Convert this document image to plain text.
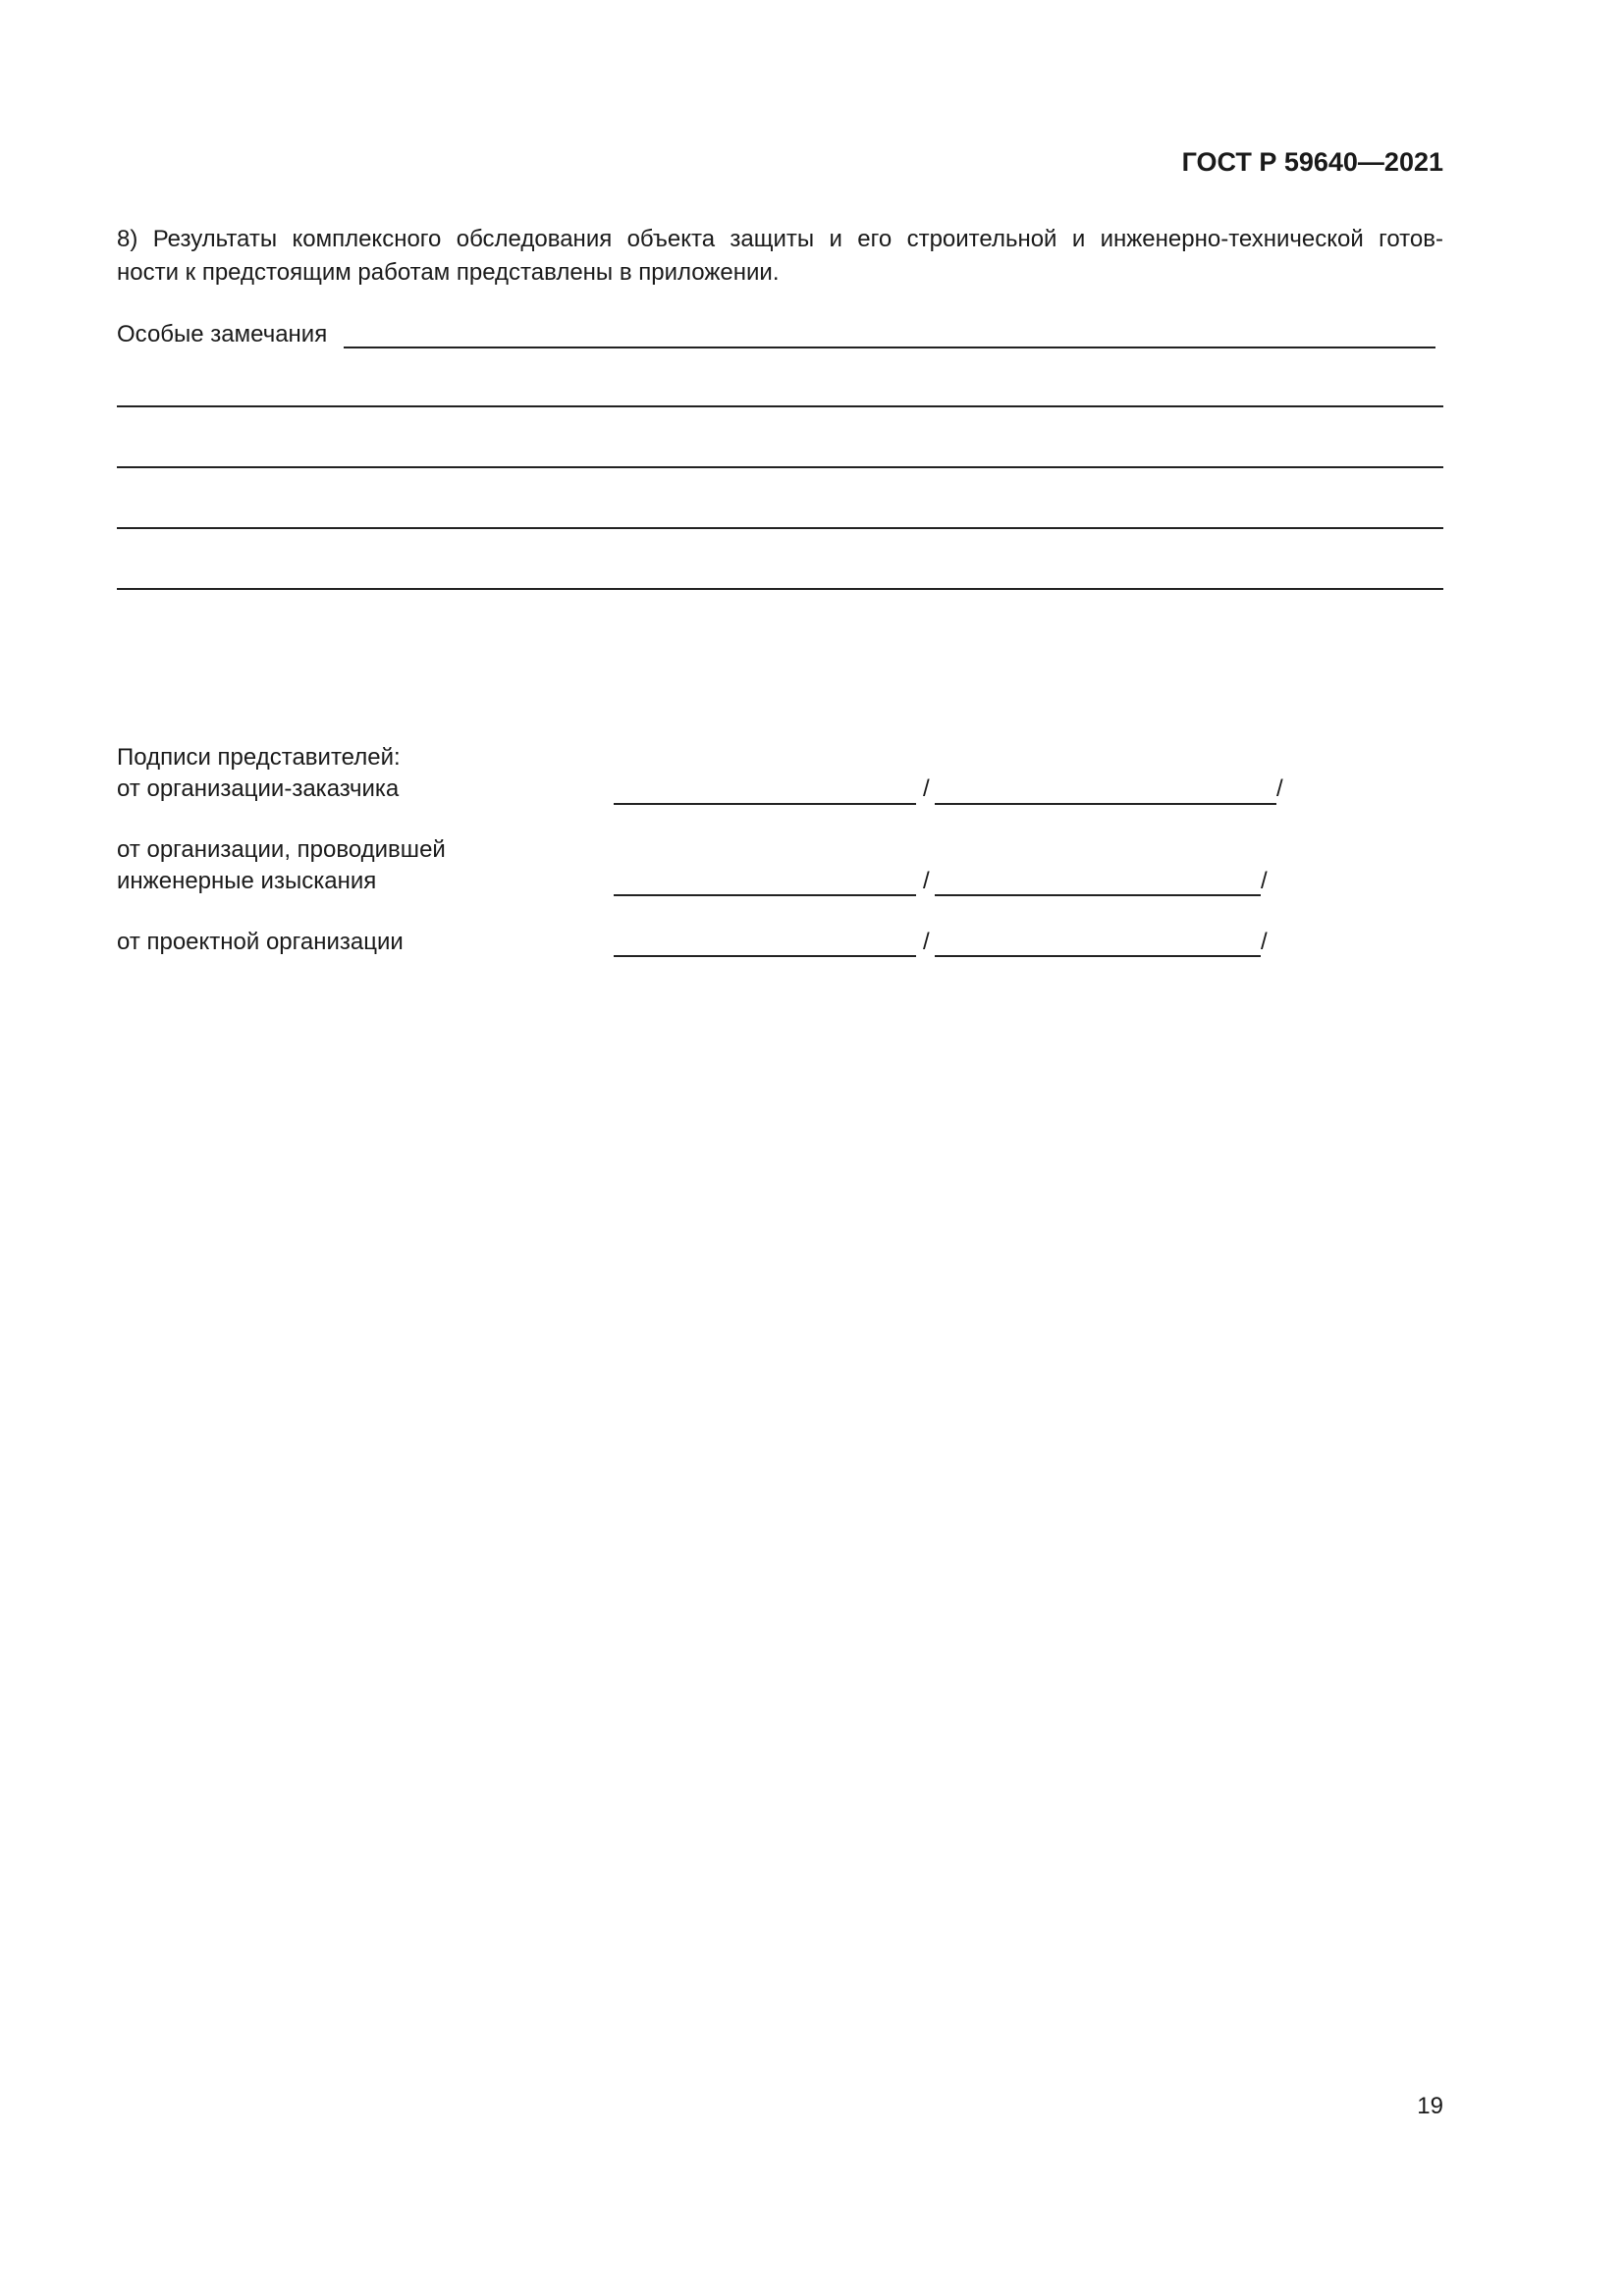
ГОСТ Р 59640—2021
8) Результаты комплексного обследования объекта защиты и его строительной и инженерно-технической готов-
ности к предстоящим работам представлены в приложении.
Особые замечания
Подписи представителей:
от организации-заказчика	/	/
от организации, проводившей
инженерные изыскания	/	/
от проектной организации	/	/
19
